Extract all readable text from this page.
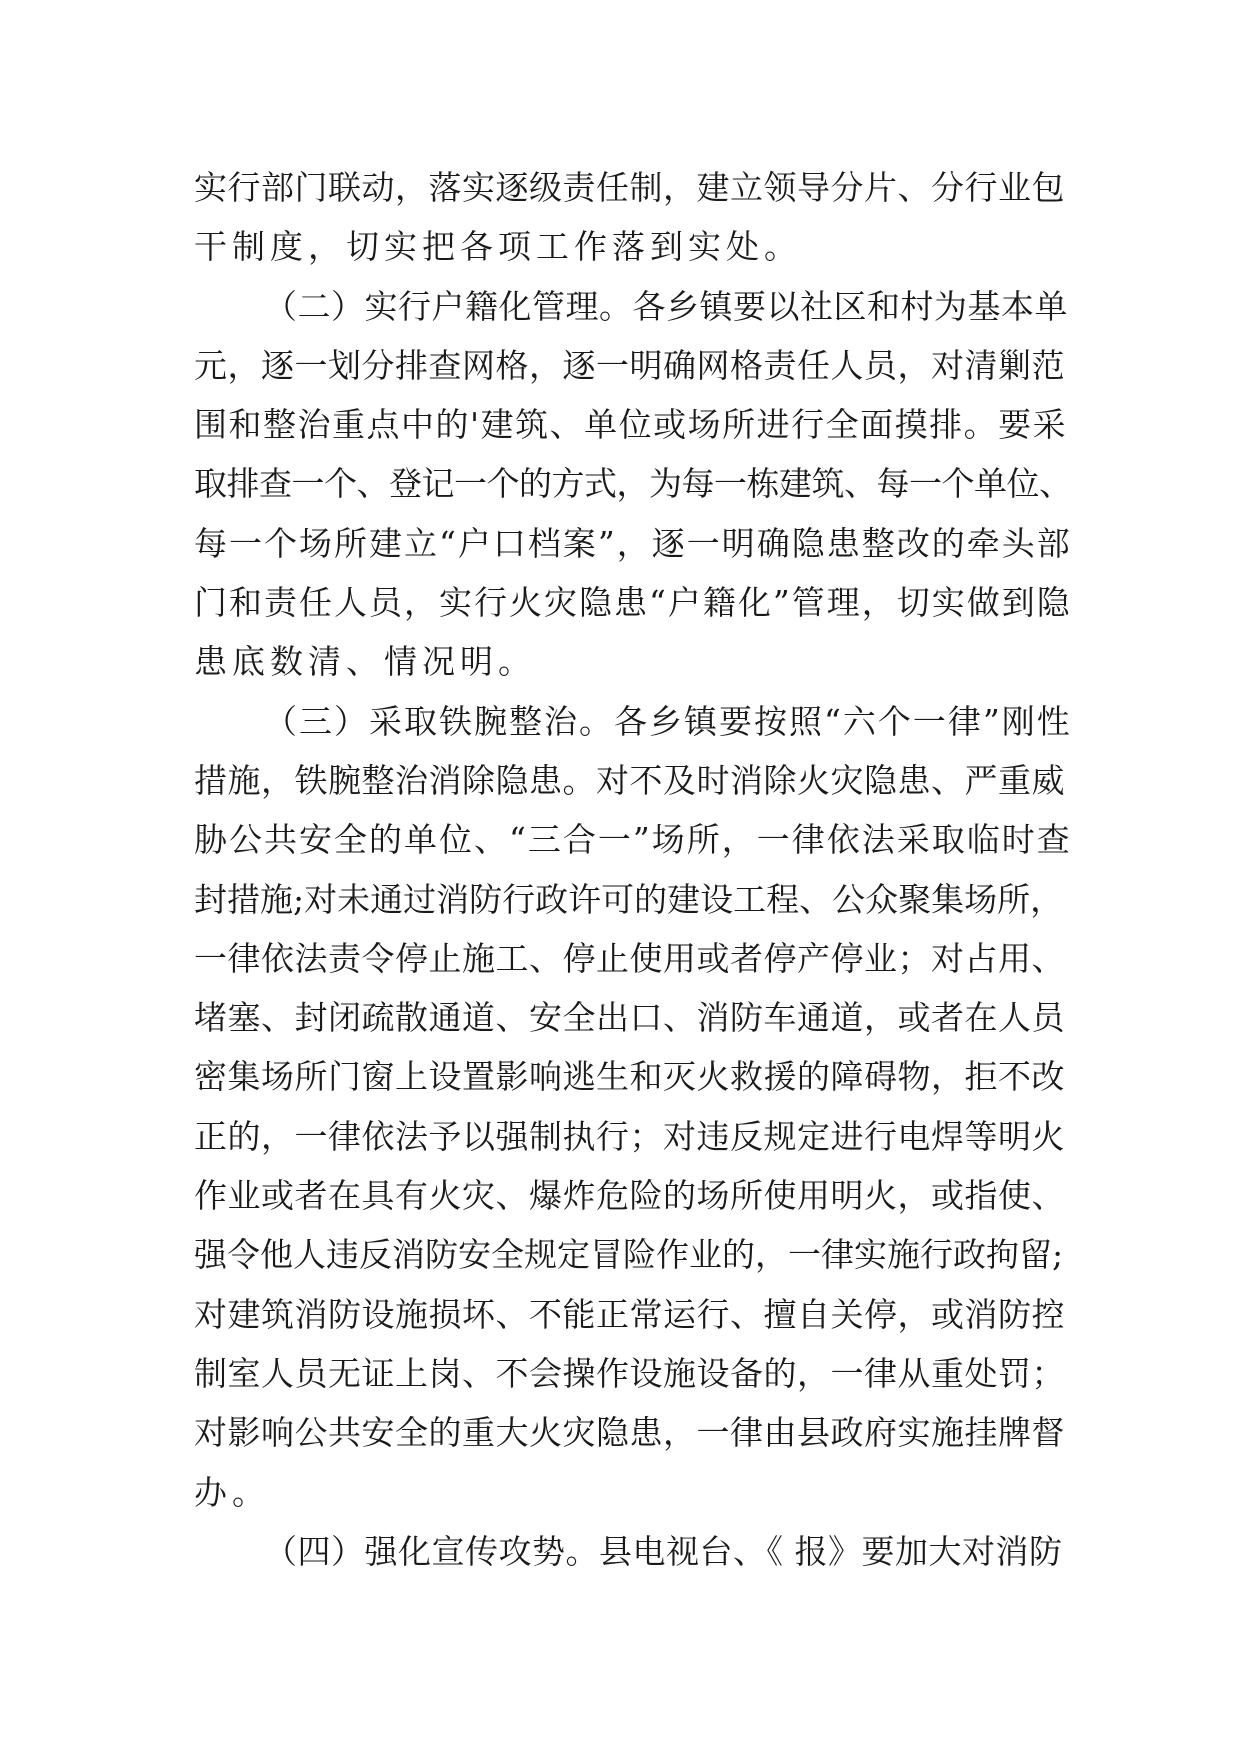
实行部门联动，落实逐级责任制，建立领导分片、分行业包
干制度，切实把各项工作落到实处。
（二）实行户籍化管理。各乡镇要以社区和村为基本单
元，逐一划分排查网格，逐一明确网格责任人员，对清剿范
围和整治重点中的'建筑、单位或场所进行全面摸排。要采
取排查一个、登记一个的方式，为每一栋建筑、每一个单位、
每一个场所建立“户口档案”，逐一明确隐患整改的牵头部
门和责任人员，实行火灾隐患“户籍化”管理，切实做到隐
患底数清、情况明。
（三）采取铁腕整治。各乡镇要按照“六个一律”刚性
措施，铁腕整治消除隐患。对不及时消除火灾隐患、严重威
胁公共安全的单位、“三合一”场所，一律依法采取临时查
封措施;对未通过消防行政许可的建设工程、公众聚集场所，
一律依法责令停止施工、停止使用或者停产停业；对占用、
堵塞、封闭疏散通道、安全出口、消防车通道，或者在人员
密集场所门窗上设置影响逃生和灭火救援的障碍物，拒不改
正的，一律依法予以强制执行；对违反规定进行电焊等明火
作业或者在具有火灾、爆炸危险的场所使用明火，或指使、
强令他人违反消防安全规定冒险作业的，一律实施行政拘留;
对建筑消防设施损坏、不能正常运行、擅自关停，或消防控
制室人员无证上岗、不会操作设施设备的，一律从重处罚；
对影响公共安全的重大火灾隐患，一律由县政府实施挂牌督
办。
（四）强化宣传攻势。县电视台、《 报》要加大对消防
